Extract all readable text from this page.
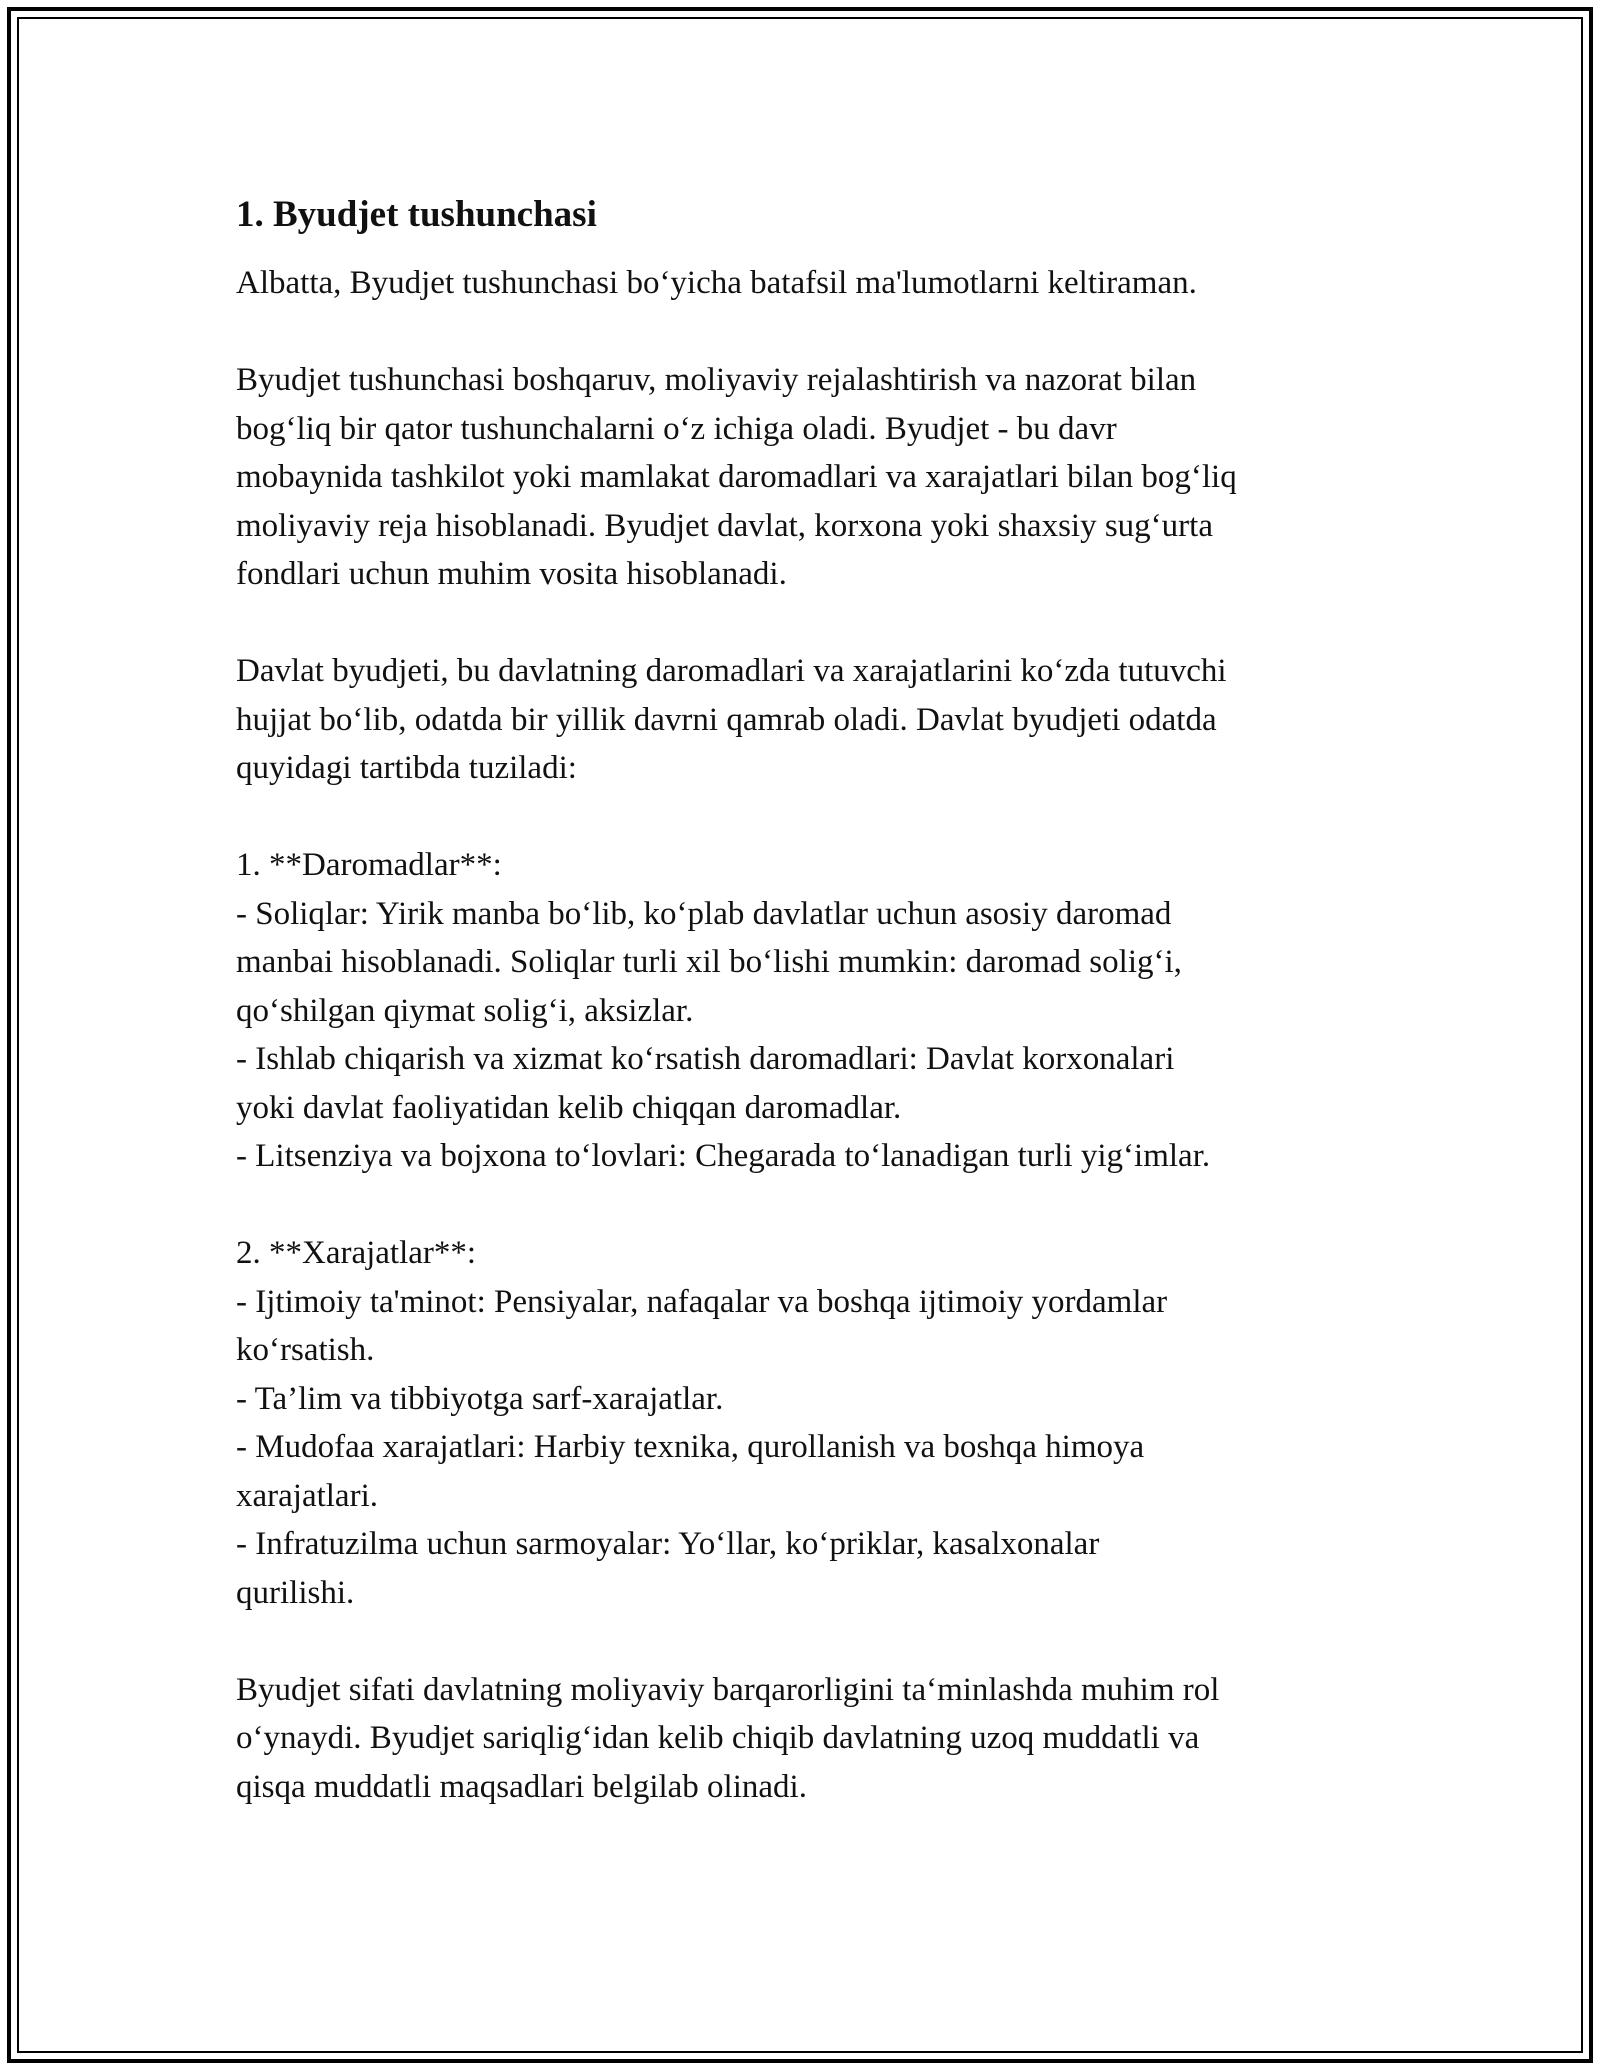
1. Byudjet tushunchasi

Albatta, Byudjet tushunchasi bo‘yicha batafsil ma'lumotlarni keltiraman.

Byudjet tushunchasi boshqaruv, moliyaviy rejalashtirish va nazorat bilan
bog‘liq bir qator tushunchalarni o‘z ichiga oladi. Byudjet - bu davr
mobaynida tashkilot yoki mamlakat daromadlari va xarajatlari bilan bog‘liq
moliyaviy reja hisoblanadi. Byudjet davlat, korxona yoki shaxsiy sug‘urta
fondlari uchun muhim vosita hisoblanadi.

Davlat byudjeti, bu davlatning daromadlari va xarajatlarini ko‘zda tutuvchi
hujjat bo‘lib, odatda bir yillik davrni qamrab oladi. Davlat byudjeti odatda
quyidagi tartibda tuziladi:

1. **Daromadlar**:

- Soliqlar: Yirik manba bo‘lib, ko‘plab davlatlar uchun asosiy daromad
manbai hisoblanadi. Soliqlar turli xil bo‘lishi mumkin: daromad solig‘i,
qo‘shilgan qiymat solig‘i, aksizlar.

- Ishlab chiqarish va xizmat ko‘rsatish daromadlari: Davlat korxonalari
yoki davlat faoliyatidan kelib chiqqan daromadlar.

- Litsenziya va bojxona to‘lovlari: Chegarada to‘lanadigan turli yig‘imlar.

2. **Xarajatlar**:

- Ijtimoiy ta'minot: Pensiyalar, nafaqalar va boshqa ijtimoiy yordamlar
ko‘rsatish.

- Ta’lim va tibbiyotga sarf-xarajatlar.

- Mudofaa xarajatlari: Harbiy texnika, qurollanish va boshqa himoya
xarajatlari.

- Infratuzilma uchun sarmoyalar: Yo‘llar, ko‘priklar, kasalxonalar
qurilishi.

Byudjet sifati davlatning moliyaviy barqarorligini ta‘minlashda muhim rol
o‘ynaydi. Byudjet sariqlig‘idan kelib chiqib davlatning uzoq muddatli va
qisqa muddatli maqsadlari belgilab olinadi.
